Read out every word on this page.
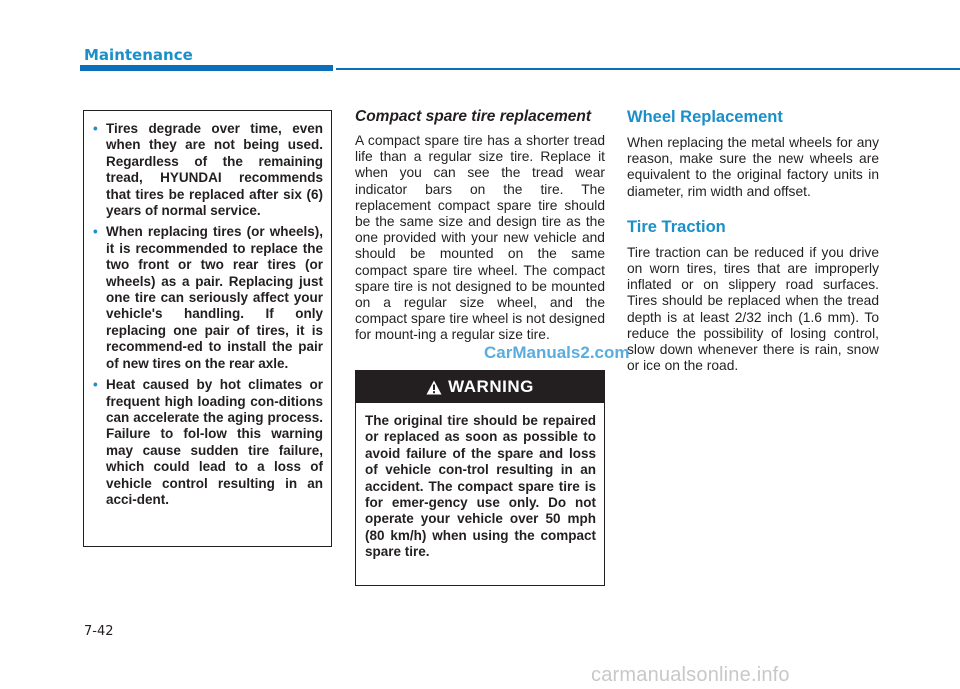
Maintenance
• Tires degrade over time, even when they are not being used. Regardless of the remaining tread, HYUNDAI recommends that tires be replaced after six (6) years of normal service.
• When replacing tires (or wheels), it is recommended to replace the two front or two rear tires (or wheels) as a pair. Replacing just one tire can seriously affect your vehicle's handling. If only replacing one pair of tires, it is recommend-ed to install the pair of new tires on the rear axle.
• Heat caused by hot climates or frequent high loading con-ditions can accelerate the aging process. Failure to fol-low this warning may cause sudden tire failure, which could lead to a loss of vehicle control resulting in an acci-dent.
Compact spare tire replacement

A compact spare tire has a shorter tread life than a regular size tire. Replace it when you can see the tread wear indicator bars on the tire. The replacement compact spare tire should be the same size and design tire as the one provided with your new vehicle and should be mounted on the same compact spare tire wheel. The compact spare tire is not designed to be mounted on a regular size wheel, and the compact spare tire wheel is not designed for mount-ing a regular size tire.

WARNING

The original tire should be repaired or replaced as soon as possible to avoid failure of the spare and loss of vehicle con-trol resulting in an accident. The compact spare tire is for emer-gency use only. Do not operate your vehicle over 50 mph (80 km/h) when using the compact spare tire.

Wheel Replacement

When replacing the metal wheels for any reason, make sure the new wheels are equivalent to the original factory units in diameter, rim width and offset.

Tire Traction

Tire traction can be reduced if you drive on worn tires, tires that are improperly inflated or on slippery road surfaces. Tires should be replaced when the tread depth is at least 2/32 inch (1.6 mm). To reduce the possibility of losing control, slow down whenever there is rain, snow or ice on the road.

7-42
CarManuals2.com
carmanualsonline.info
